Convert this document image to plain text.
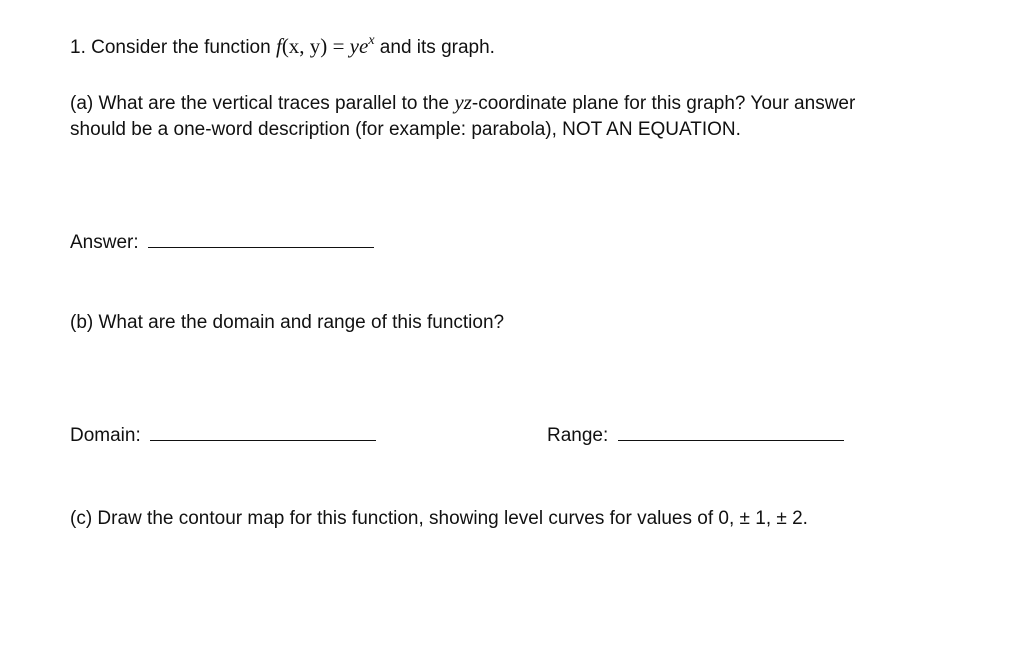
1. Consider the function f(x, $y) = ye^x$ and its graph.
(a) What are the vertical traces parallel to the yz-coordinate plane for this graph? Your answer
should be a one-word description (for example: parabola), NOT AN EQUATION.
Answer:
(b) What are the domain and range of this function?
Domain:	Range:
(c) Draw the contour map for this function, showing level curves for values of 0, ± 1, ± 2.
